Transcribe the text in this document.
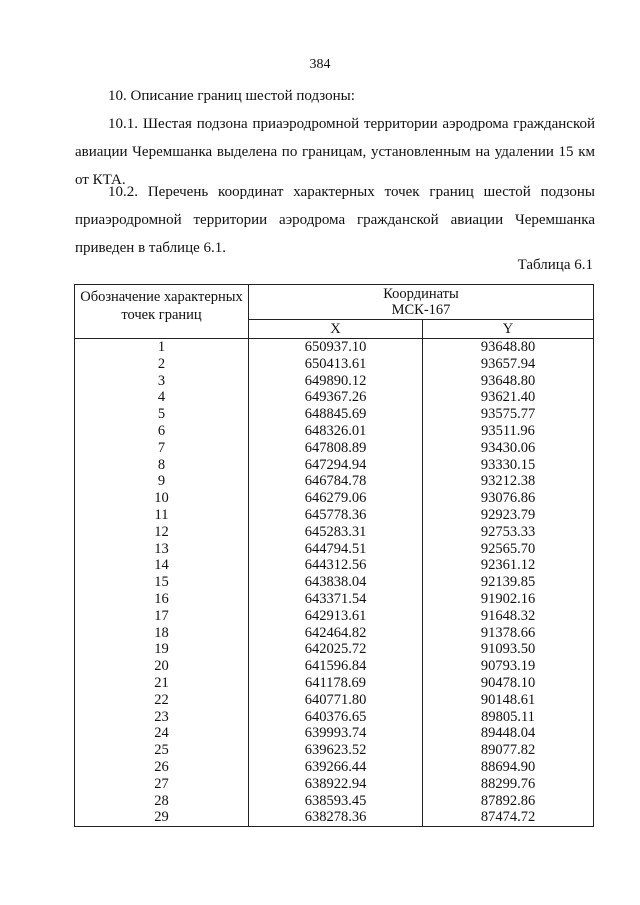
384
10. Описание границ шестой подзоны:
10.1. Шестая подзона приаэродромной территории аэродрома гражданской авиации Черемшанка выделена по границам, установленным на удалении 15 км от КТА.
10.2. Перечень координат характерных точек границ шестой подзоны приаэродромной территории аэродрома гражданской авиации Черемшанка приведен в таблице 6.1.
Таблица 6.1
Обозначение характерных точек границ	Координаты
МСК-167	

	X	Y
1	650937.10	93648.80
2	650413.61	93657.94
3	649890.12	93648.80
4	649367.26	93621.40
5	648845.69	93575.77
6	648326.01	93511.96
7	647808.89	93430.06
8	647294.94	93330.15
9	646784.78	93212.38
10	646279.06	93076.86
11	645778.36	92923.79
12	645283.31	92753.33
13	644794.51	92565.70
14	644312.56	92361.12
15	643838.04	92139.85
16	643371.54	91902.16
17	642913.61	91648.32
18	642464.82	91378.66
19	642025.72	91093.50
20	641596.84	90793.19
21	641178.69	90478.10
22	640771.80	90148.61
23	640376.65	89805.11
24	639993.74	89448.04
25	639623.52	89077.82
26	639266.44	88694.90
27	638922.94	88299.76
28	638593.45	87892.86
29	638278.36	87474.72
